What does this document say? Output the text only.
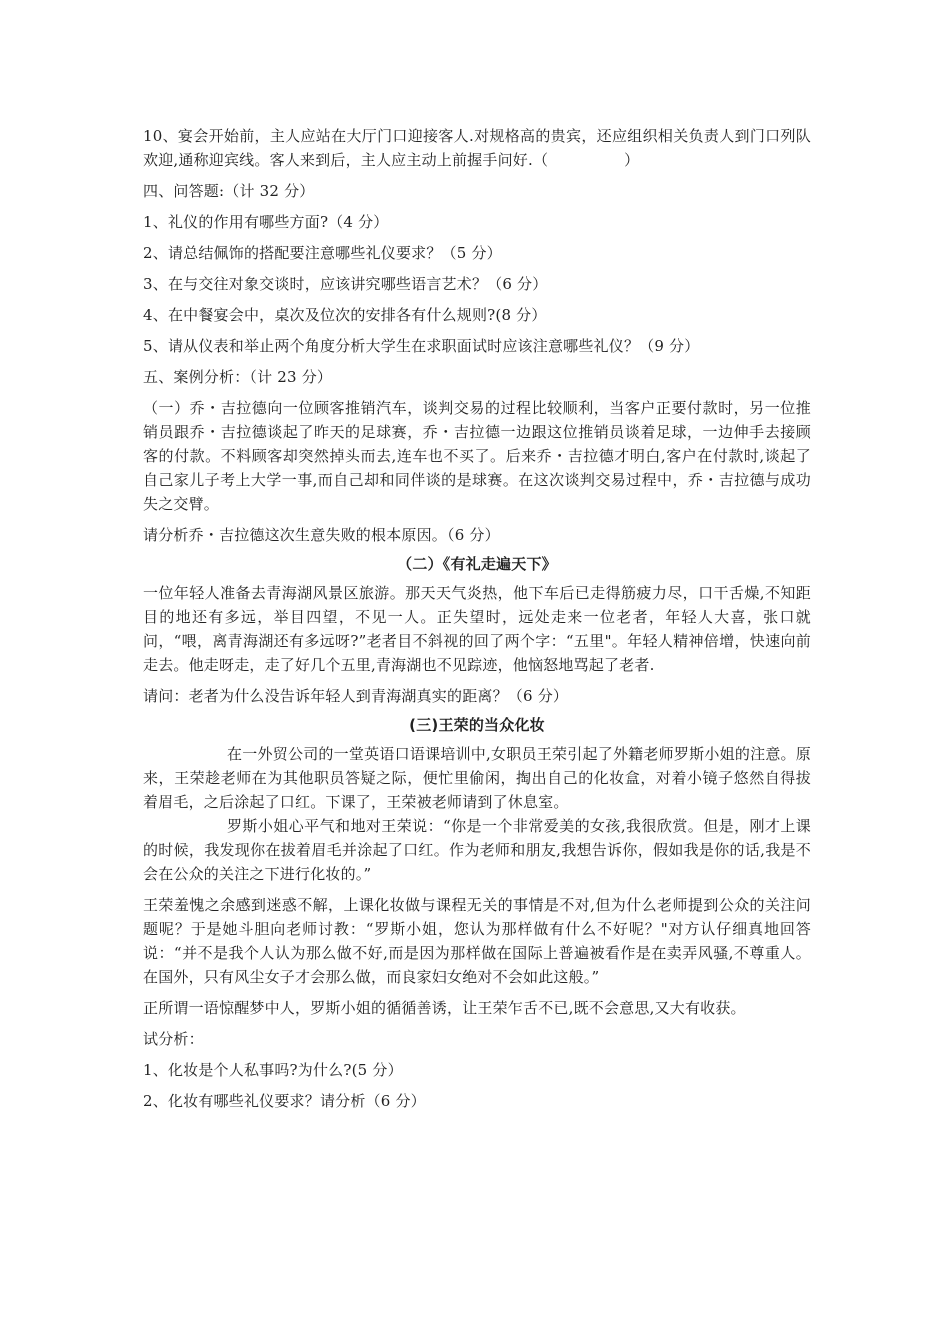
10、宴会开始前，主人应站在大厅门口迎接客人.对规格高的贵宾，还应组织相关负责人到门口列队欢迎,通称迎宾线。客人来到后，主人应主动上前握手问好.（　　　　　）

四、问答题:（计 32 分）

1、礼仪的作用有哪些方面?（4 分）

2、请总结佩饰的搭配要注意哪些礼仪要求？（5 分）

3、在与交往对象交谈时，应该讲究哪些语言艺术？（6 分）

4、在中餐宴会中，桌次及位次的安排各有什么规则?(8 分）

5、请从仪表和举止两个角度分析大学生在求职面试时应该注意哪些礼仪？（9 分）

五、案例分析：（计 23 分）

（一）乔・吉拉德向一位顾客推销汽车，谈判交易的过程比较顺利，当客户正要付款时，另一位推销员跟乔・吉拉德谈起了昨天的足球赛，乔・吉拉德一边跟这位推销员谈着足球，一边伸手去接顾客的付款。不料顾客却突然掉头而去,连车也不买了。后来乔・吉拉德才明白,客户在付款时,谈起了自己家儿子考上大学一事,而自己却和同伴谈的是球赛。在这次谈判交易过程中，乔・吉拉德与成功失之交臂。

请分析乔・吉拉德这次生意失败的根本原因。（6 分）

（二）《有礼走遍天下》

一位年轻人准备去青海湖风景区旅游。那天天气炎热，他下车后已走得筋疲力尽，口干舌燥,不知距目的地还有多远，举目四望，不见一人。正失望时，远处走来一位老者，年轻人大喜，张口就问，“喂，离青海湖还有多远呀?”老者目不斜视的回了两个字：“五里"。年轻人精神倍增，快速向前走去。他走呀走，走了好几个五里,青海湖也不见踪迹，他恼怒地骂起了老者.

请问：老者为什么没告诉年轻人到青海湖真实的距离？（6 分）

(三)王荣的当众化妆

在一外贸公司的一堂英语口语课培训中,女职员王荣引起了外籍老师罗斯小姐的注意。原来，王荣趁老师在为其他职员答疑之际，便忙里偷闲，掏出自己的化妆盒，对着小镜子悠然自得拔着眉毛，之后涂起了口红。下课了，王荣被老师请到了休息室。

罗斯小姐心平气和地对王荣说：“你是一个非常爱美的女孩,我很欣赏。但是，刚才上课的时候，我发现你在拔着眉毛并涂起了口红。作为老师和朋友,我想告诉你，假如我是你的话,我是不会在公众的关注之下进行化妆的。”

王荣羞愧之余感到迷惑不解，上课化妆做与课程无关的事情是不对,但为什么老师提到公众的关注问题呢？于是她斗胆向老师讨教：“罗斯小姐，您认为那样做有什么不好呢？"对方认仔细真地回答说：“并不是我个人认为那么做不好,而是因为那样做在国际上普遍被看作是在卖弄风骚,不尊重人。在国外，只有风尘女子才会那么做，而良家妇女绝对不会如此这般。”

正所谓一语惊醒梦中人，罗斯小姐的循循善诱，让王荣乍舌不已,既不会意思,又大有收获。

试分析：

1、化妆是个人私事吗?为什么?(5 分）

2、化妆有哪些礼仪要求？请分析（6 分）
